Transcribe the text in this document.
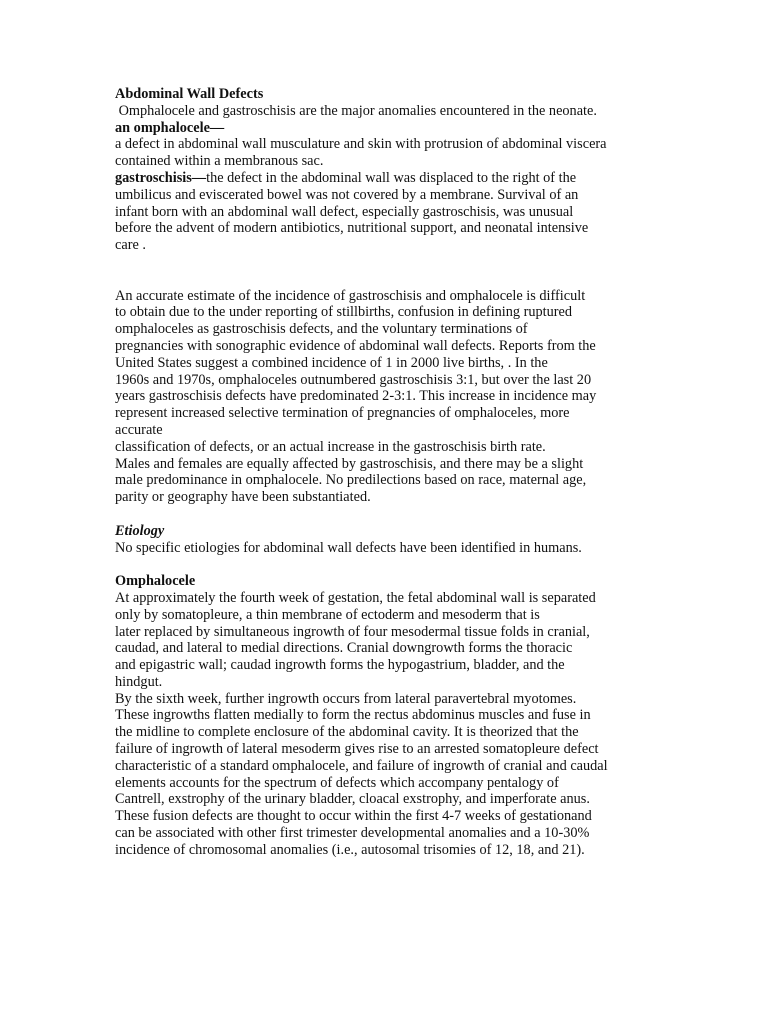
Abdominal Wall Defects
Omphalocele and gastroschisis are the major anomalies encountered in the neonate.
an omphalocele—
a defect in abdominal wall musculature and skin with protrusion of abdominal viscera
contained within a membranous sac.
gastroschisis—the defect in the abdominal wall was displaced to the right of the
umbilicus and eviscerated bowel was not covered by a membrane. Survival of an
infant born with an abdominal wall defect, especially gastroschisis, was unusual
before the advent of modern antibiotics, nutritional support, and neonatal intensive
care .
An accurate estimate of the incidence of gastroschisis and omphalocele is difficult
to obtain due to the under reporting of stillbirths, confusion in defining ruptured
omphaloceles as gastroschisis defects, and the voluntary terminations of
pregnancies with sonographic evidence of abdominal wall defects. Reports from the
United States suggest a combined incidence of 1 in 2000 live births, . In the
1960s and 1970s, omphaloceles outnumbered gastroschisis 3:1, but over the last 20
years gastroschisis defects have predominated 2-3:1. This increase in incidence may
represent increased selective termination of pregnancies of omphaloceles, more
accurate
classification of defects, or an actual increase in the gastroschisis birth rate.
Males and females are equally affected by gastroschisis, and there may be a slight
male predominance in omphalocele. No predilections based on race, maternal age,
parity or geography have been substantiated.
Etiology
No specific etiologies for abdominal wall defects have been identified in humans.
Omphalocele
At approximately the fourth week of gestation, the fetal abdominal wall is separated
only by somatopleure, a thin membrane of ectoderm and mesoderm that is
later replaced by simultaneous ingrowth of four mesodermal tissue folds in cranial,
caudad, and lateral to medial directions. Cranial downgrowth forms the thoracic
and epigastric wall; caudad ingrowth forms the hypogastrium, bladder, and the
hindgut.
By the sixth week, further ingrowth occurs from lateral paravertebral myotomes.
These ingrowths flatten medially to form the rectus abdominus muscles and fuse in
the midline to complete enclosure of the abdominal cavity. It is theorized that the
failure of ingrowth of lateral mesoderm gives rise to an arrested somatopleure defect
characteristic of a standard omphalocele, and failure of ingrowth of cranial and caudal
elements accounts for the spectrum of defects which accompany pentalogy of
Cantrell, exstrophy of the urinary bladder, cloacal exstrophy, and imperforate anus.
These fusion defects are thought to occur within the first 4-7 weeks of gestationand
can be associated with other first trimester developmental anomalies and a 10-30%
incidence of chromosomal anomalies (i.e., autosomal trisomies of 12, 18, and 21).
